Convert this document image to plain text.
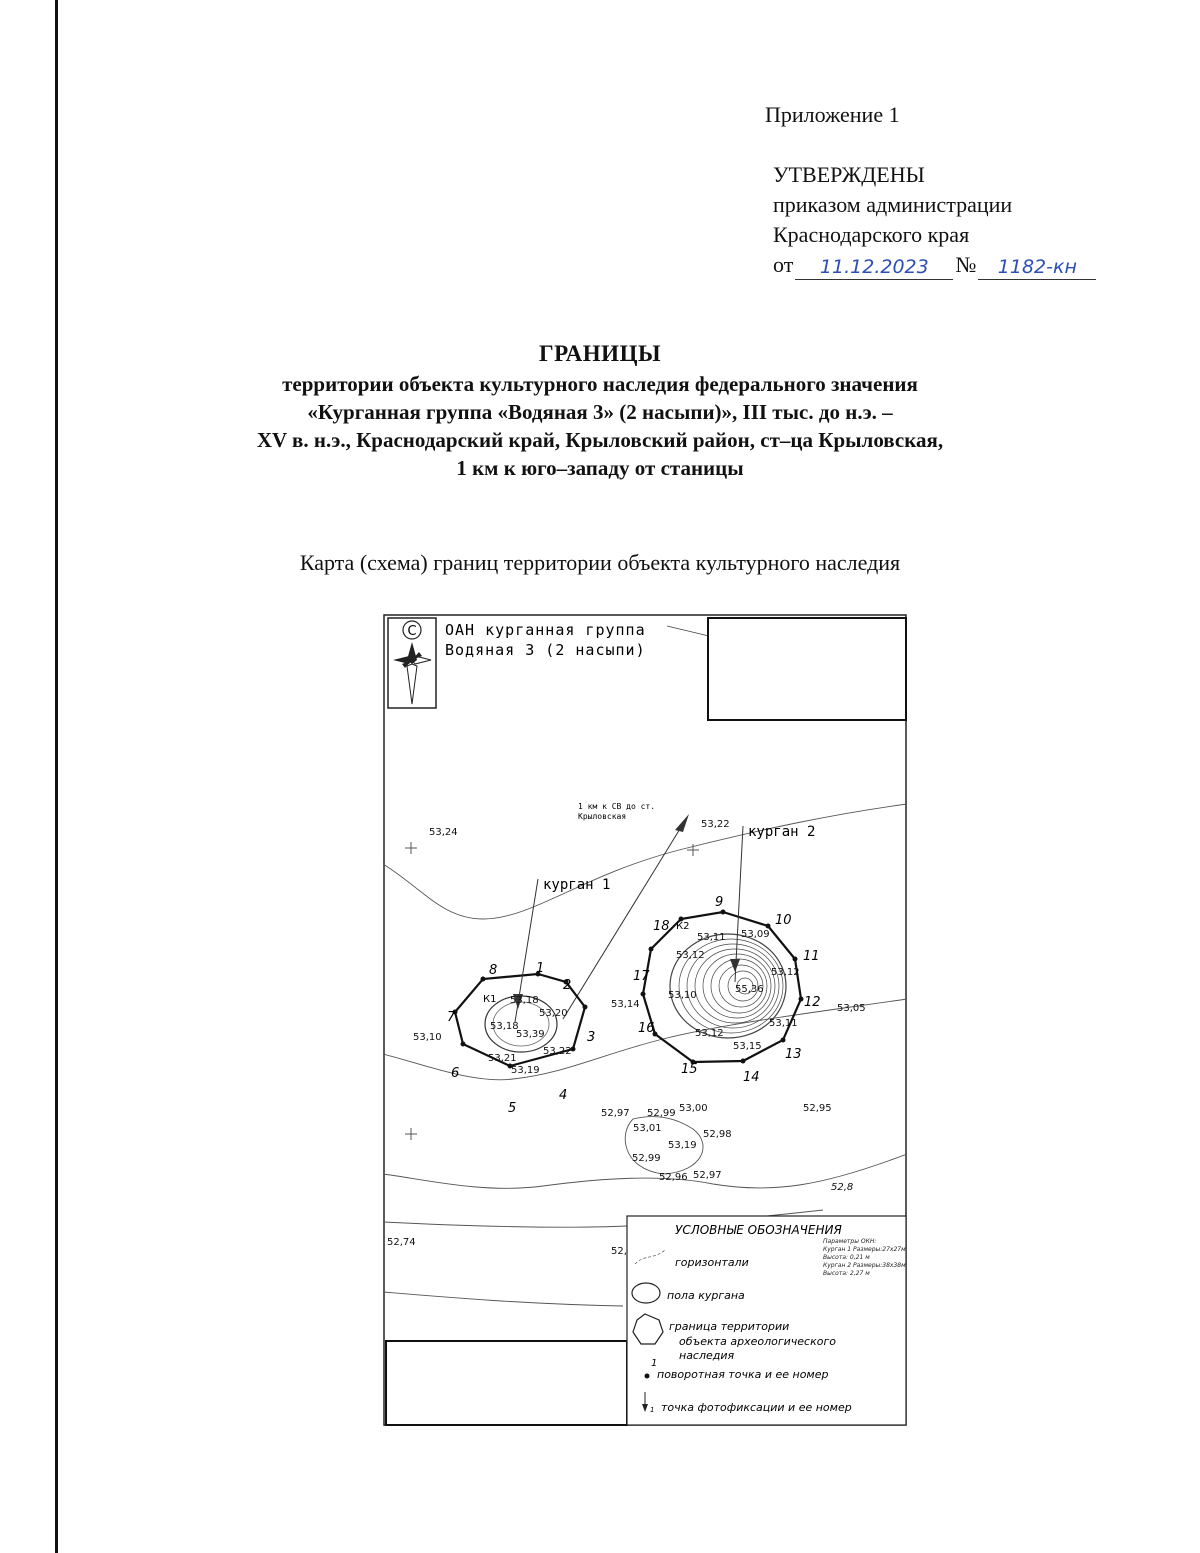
Приложение 1
УТВЕРЖДЕНЫ
приказом администрации
Краснодарского края
от	11.12.2023	№	1182-кн
ГРАНИЦЫ
территории объекта культурного наследия федерального значения
«Курганная группа «Водяная 3» (2 насыпи)», III тыс. до н.э. –
XV в. н.э., Краснодарский край, Крыловский район, ст–ца Крыловская,
1 км к юго–западу от станицы
Карта (схема) границ территории объекта культурного наследия
С ОАН курганная группа
Водяная 3 (2 насыпи)
1 км к СВ до ст.
Крыловская
курган 1
К1
1
2
3
4
5
6
7
8
курган 2
К2
9
10
11
12
13
14
15
16
17
18
53,24
53,22
53,10
53,14	53,05
53,18
53,20
53,18
53,39
53,22
53,21
53,19
53,11 53,09
53,12
53,12
53,10
55,36
53,11
53,12
53,15
52,97 52,99 53,00	52,95
53,01
52,98
53,19
52,99
52,96 52,97
52,74
52,
52,8
УСЛОВНЫЕ ОБОЗНАЧЕНИЯ
Параметры ОКН:
Курган 1 Размеры:27х27м
Высота: 0,21 м
Курган 2 Размеры:38х38м
Высота: 2,27 м
горизонтали
пола кургана
граница территории
объекта археологического
наследия
1
поворотная точка и ее номер
1 точка фотофиксации и ее номер
